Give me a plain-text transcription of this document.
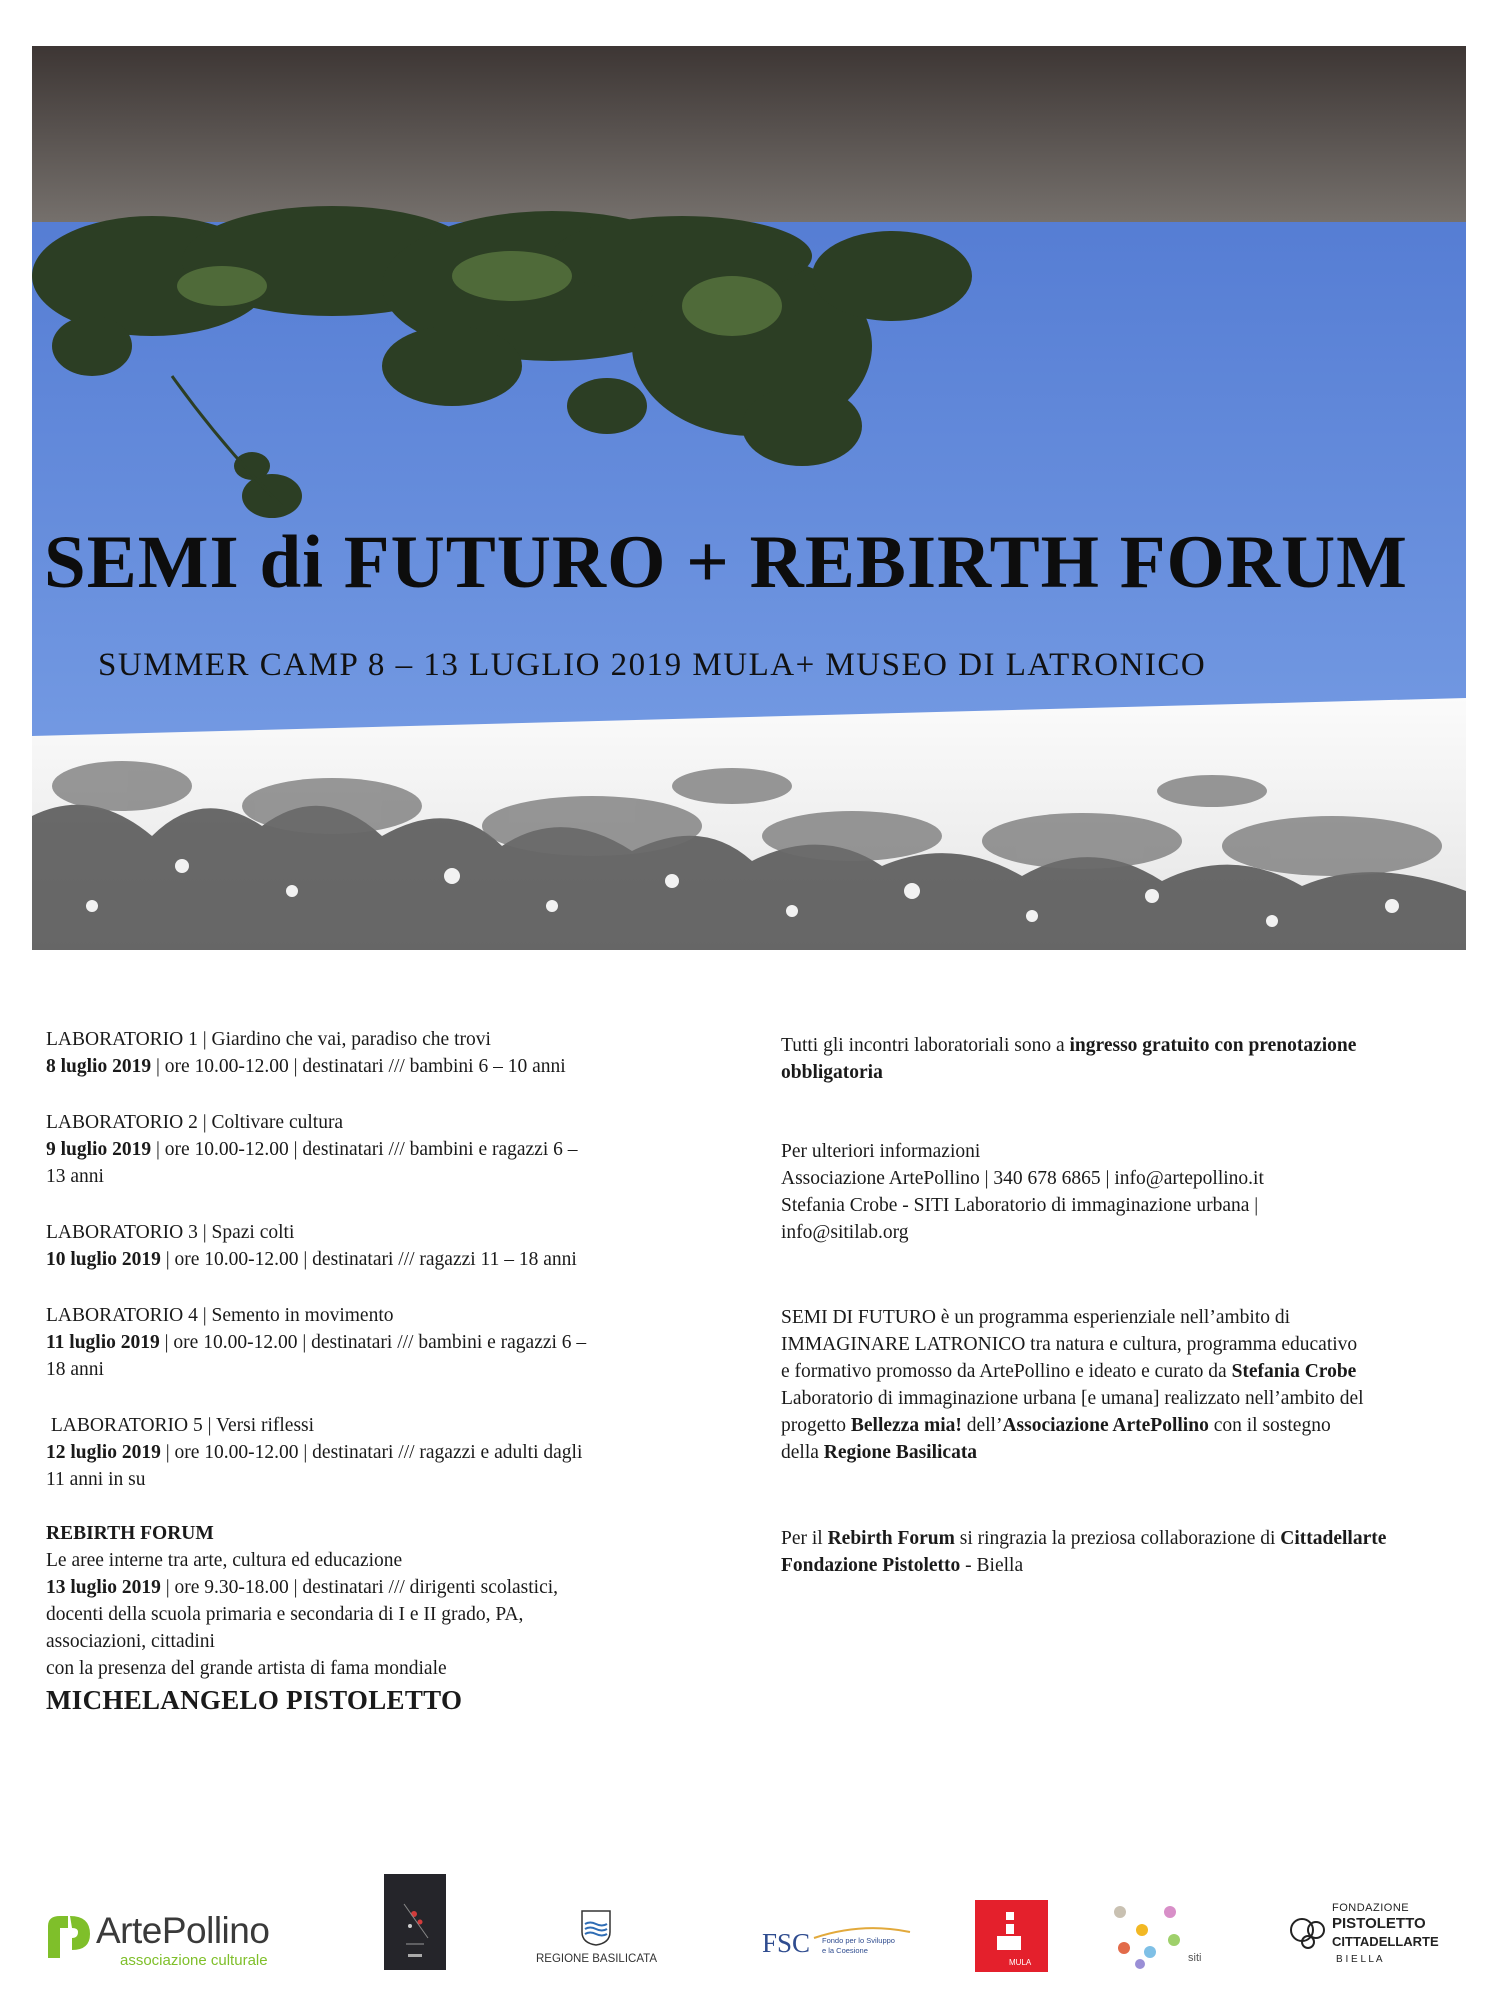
SEMI di FUTURO + REBIRTH FORUM
SUMMER CAMP 8 – 13 LUGLIO 2019 MULA+ MUSEO DI LATRONICO
LABORATORIO 1 | Giardino che vai, paradiso che trovi
8 luglio 2019 | ore 10.00-12.00 | destinatari /// bambini 6 – 10 anni
LABORATORIO 2 | Coltivare cultura
9 luglio 2019 | ore 10.00-12.00 | destinatari /// bambini e ragazzi 6 –
13 anni
LABORATORIO 3 | Spazi colti
10 luglio 2019 | ore 10.00-12.00 | destinatari /// ragazzi 11 – 18 anni
LABORATORIO 4 | Semento in movimento
11 luglio 2019 | ore 10.00-12.00 | destinatari /// bambini e ragazzi 6 –
18 anni
LABORATORIO 5 | Versi riflessi
12 luglio 2019 | ore 10.00-12.00 | destinatari /// ragazzi e adulti dagli
11 anni in su
REBIRTH FORUM
Le aree interne tra arte, cultura ed educazione
13 luglio 2019 | ore 9.30-18.00 | destinatari /// dirigenti scolastici,
docenti della scuola primaria e secondaria di I e II grado, PA,
associazioni, cittadini
con la presenza del grande artista di fama mondiale
MICHELANGELO PISTOLETTO
Tutti gli incontri laboratoriali sono a ingresso gratuito con prenotazione
obbligatoria
Per ulteriori informazioni
Associazione ArtePollino | 340 678 6865 | info@artepollino.it
Stefania Crobe - SITI Laboratorio di immaginazione urbana |
info@sitilab.org
SEMI DI FUTURO è un programma esperienziale nell’ambito di
IMMAGINARE LATRONICO tra natura e cultura, programma educativo
e formativo promosso da ArtePollino e ideato e curato da Stefania Crobe
Laboratorio di immaginazione urbana [e umana] realizzato nell’ambito del
progetto Bellezza mia! dell’Associazione ArtePollino con il sostegno
della Regione Basilicata
Per il Rebirth Forum si ringrazia la preziosa collaborazione di Cittadellarte
Fondazione Pistoletto - Biella
ArtePollino
associazione culturale	REGIONE BASILICATA
FSC Fondo per lo Sviluppo
e la Coesione
MULA	siti
FONDAZIONE
PISTOLETTO
CITTADELLARTE
B I E L L A
